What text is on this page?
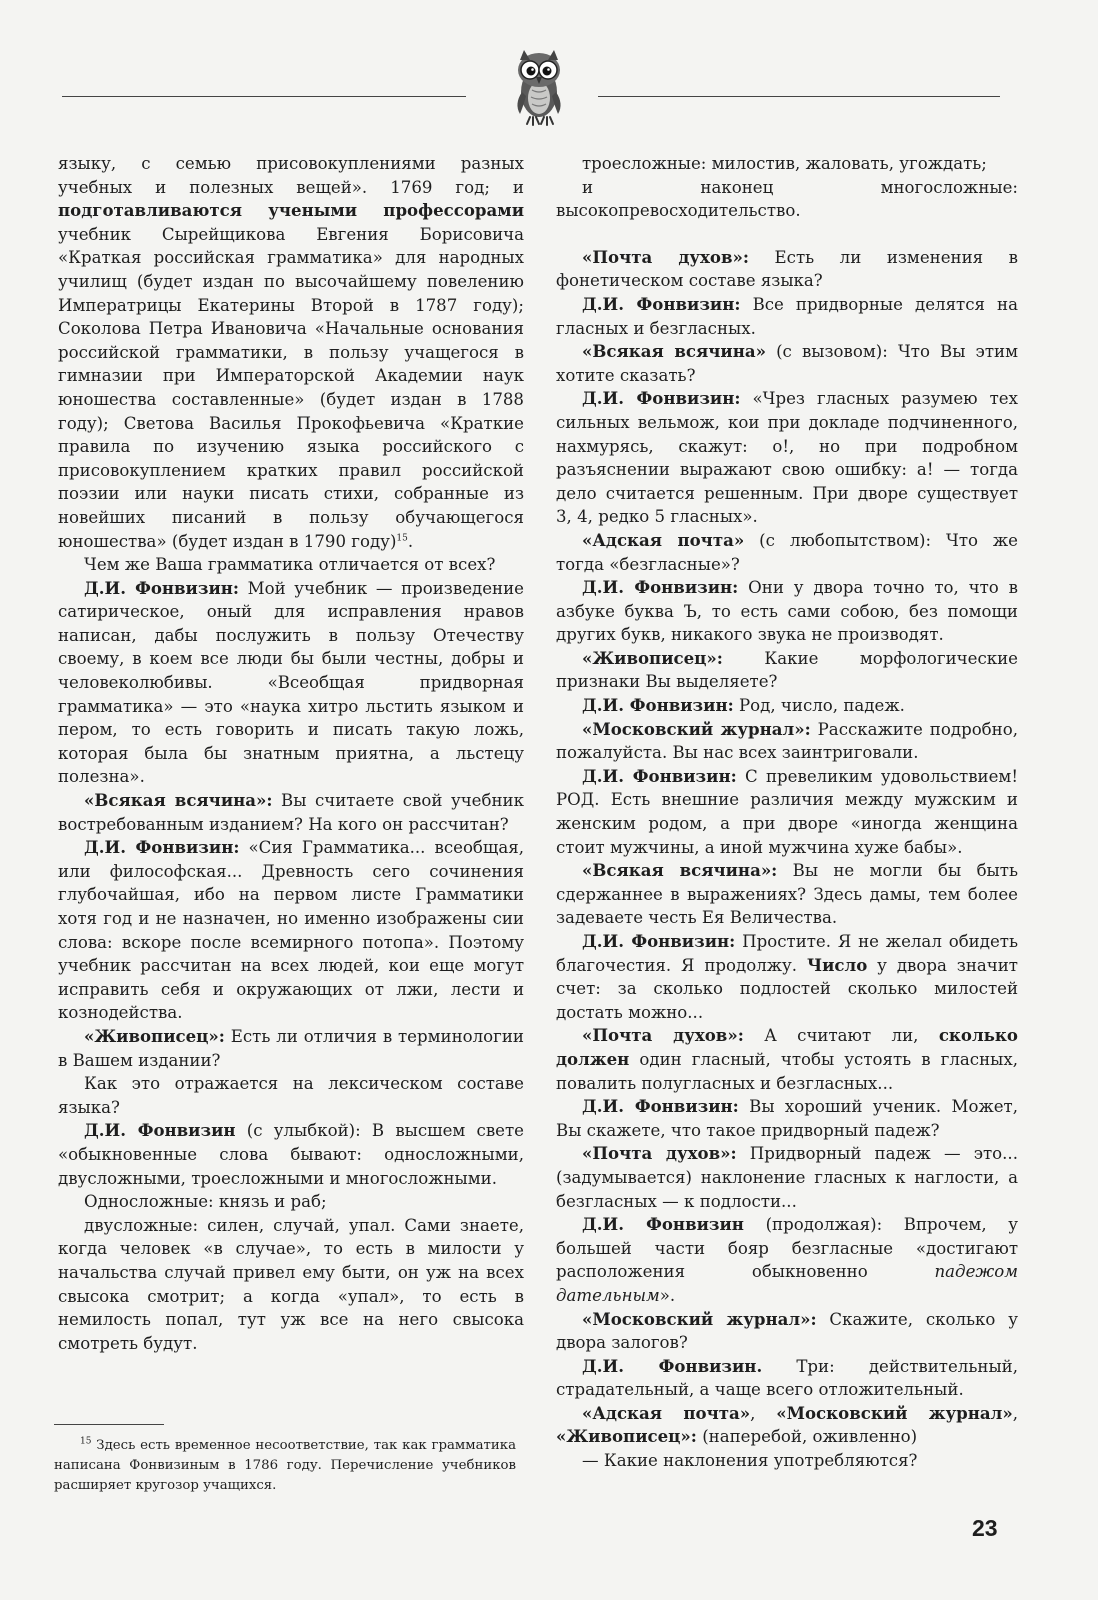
языку, с семью присовокуплениями разных учебных и полезных вещей». 1769 год; и подготавливаются учеными профессорами учебник Сырейщикова Евгения Борисовича «Краткая российская грамматика» для народных училищ (будет издан по высочайшему повелению Императрицы Екатерины Второй в 1787 году); Соколова Петра Ивановича «Начальные основания российской грамматики, в пользу учащегося в гимназии при Императорской Академии наук юношества составленные» (будет издан в 1788 году); Светова Василья Прокофьевича «Краткие правила по изучению языка российского с присовокуплением кратких правил российской поэзии или науки писать стихи, собранные из новейших писаний в пользу обучающегося юношества» (будет издан в 1790 году)$^{15}$.

Чем же Ваша грамматика отличается от всех?

Д.И. Фонвизин: Мой учебник — произведение сатирическое, оный для исправления нравов написан, дабы послужить в пользу Отечеству своему, в коем все люди бы были честны, добры и человеколюбивы. «Всеобщая придворная грамматика» — это «наука хитро льстить языком и пером, то есть говорить и писать такую ложь, которая была бы знатным приятна, а льстецу полезна».

«Всякая всячина»: Вы считаете свой учебник востребованным изданием? На кого он рассчитан?

Д.И. Фонвизин: «Сия Грамматика... всеобщая, или философская... Древность сего сочинения глубочайшая, ибо на первом листе Грамматики хотя год и не назначен, но именно изображены сии слова: вскоре после всемирного потопа». Поэтому учебник рассчитан на всех людей, кои еще могут исправить себя и окружающих от лжи, лести и кознодейства.

«Живописец»: Есть ли отличия в терминологии в Вашем издании?

Как это отражается на лексическом составе языка?

Д.И. Фонвизин (с улыбкой): В высшем свете «обыкновенные слова бывают: односложными, двусложными, троесложными и многосложными.

Односложные: князь и раб;

двусложные: силен, случай, упал. Сами знаете, когда человек «в случае», то есть в милости у начальства случай привел ему быти, он уж на всех свысока смотрит; а когда «упал», то есть в немилость попал, тут уж все на него свысока смотреть будут.

троесложные: милостив, жаловать, угождать;

и наконец многосложные: высокопревосходительство.

«Почта духов»: Есть ли изменения в фонетическом составе языка?

Д.И. Фонвизин: Все придворные делятся на гласных и безгласных.

«Всякая всячина» (с вызовом): Что Вы этим хотите сказать?

Д.И. Фонвизин: «Чрез гласных разумею тех сильных вельмож, кои при докладе подчиненного, нахмурясь, скажут: о!, но при подробном разъяснении выражают свою ошибку: а! — тогда дело считается решенным. При дворе существует 3, 4, редко 5 гласных».

«Адская почта» (с любопытством): Что же тогда «безгласные»?

Д.И. Фонвизин: Они у двора точно то, что в азбуке буква Ъ, то есть сами собою, без помощи других букв, никакого звука не производят.

«Живописец»: Какие морфологические признаки Вы выделяете?

Д.И. Фонвизин: Род, число, падеж.

«Московский журнал»: Расскажите подробно, пожалуйста. Вы нас всех заинтриговали.

Д.И. Фонвизин: С превеликим удовольствием! РОД. Есть внешние различия между мужским и женским родом, а при дворе «иногда женщина стоит мужчины, а иной мужчина хуже бабы».

«Всякая всячина»: Вы не могли бы быть сдержаннее в выражениях? Здесь дамы, тем более задеваете честь Ея Величества.

Д.И. Фонвизин: Простите. Я не желал обидеть благочестия. Я продолжу. Число у двора значит счет: за сколько подлостей сколько милостей достать можно...

«Почта духов»: А считают ли, сколько должен один гласный, чтобы устоять в гласных, повалить полугласных и безгласных...

Д.И. Фонвизин: Вы хороший ученик. Может, Вы скажете, что такое придворный падеж?

«Почта духов»: Придворный падеж — это... (задумывается) наклонение гласных к наглости, а безгласных — к подлости...

Д.И. Фонвизин (продолжая): Впрочем, у большей части бояр безгласные «достигают расположения обыкновенно падежом дательным».

«Московский журнал»: Скажите, сколько у двора залогов?

Д.И. Фонвизин. Три: действительный, страдательный, а чаще всего отложительный.

«Адская почта», «Московский журнал», «Живописец»: (наперебой, оживленно)

— Какие наклонения употребляются?

$^{15}$ Здесь есть временное несоответствие, так как грамматика написана Фонвизиным в 1786 году. Перечисление учебников расширяет кругозор учащихся.
23
